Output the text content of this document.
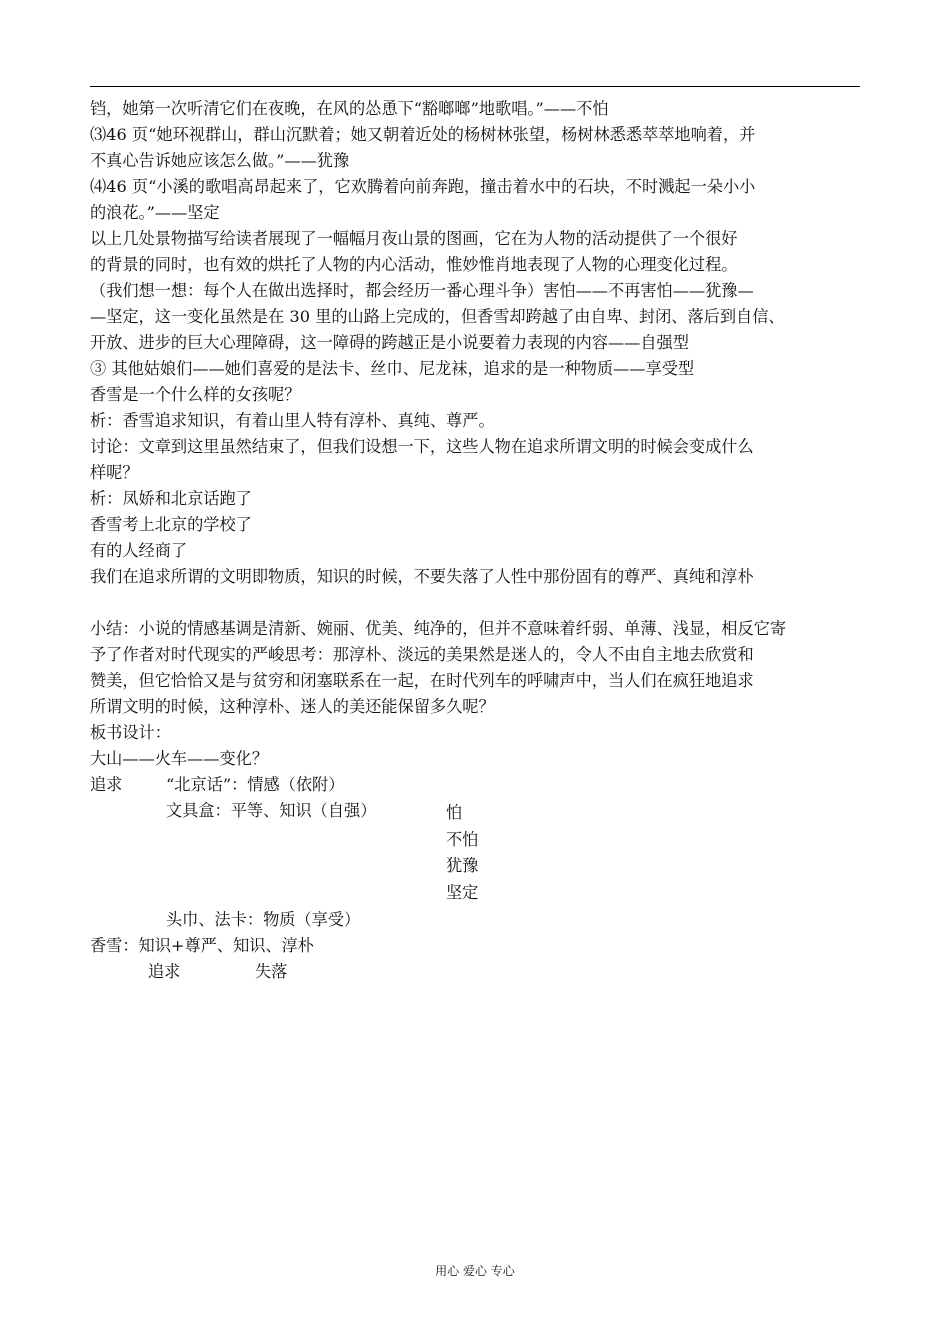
铛，她第一次听清它们在夜晚，在风的怂恿下“豁啷啷”地歌唱。”——不怕

⑶46 页“她环视群山，群山沉默着；她又朝着近处的杨树林张望，杨树林悉悉萃萃地响着，并

不真心告诉她应该怎么做。”——犹豫

⑷46 页“小溪的歌唱高昂起来了，它欢腾着向前奔跑，撞击着水中的石块，不时溅起一朵小小

的浪花。”——坚定

以上几处景物描写给读者展现了一幅幅月夜山景的图画，它在为人物的活动提供了一个很好

的背景的同时，也有效的烘托了人物的内心活动，惟妙惟肖地表现了人物的心理变化过程。

（我们想一想：每个人在做出选择时，都会经历一番心理斗争）害怕——不再害怕——犹豫—

—坚定，这一变化虽然是在 30 里的山路上完成的，但香雪却跨越了由自卑、封闭、落后到自信、

开放、进步的巨大心理障碍，这一障碍的跨越正是小说要着力表现的内容——自强型

③ 其他姑娘们——她们喜爱的是法卡、丝巾、尼龙袜，追求的是一种物质——享受型

香雪是一个什么样的女孩呢？

析：香雪追求知识，有着山里人特有淳朴、真纯、尊严。

讨论：文章到这里虽然结束了，但我们设想一下，这些人物在追求所谓文明的时候会变成什么

样呢？

析：凤娇和北京话跑了

香雪考上北京的学校了

有的人经商了

我们在追求所谓的文明即物质，知识的时候，不要失落了人性中那份固有的尊严、真纯和淳朴

小结：小说的情感基调是清新、婉丽、优美、纯净的，但并不意味着纤弱、单薄、浅显，相反它寄

予了作者对时代现实的严峻思考：那淳朴、淡远的美果然是迷人的，令人不由自主地去欣赏和

赞美，但它恰恰又是与贫穷和闭塞联系在一起，在时代列车的呼啸声中，当人们在疯狂地追求

所谓文明的时候，这种淳朴、迷人的美还能保留多久呢？

板书设计：

大山——火车——变化？

追求	“北京话”：情感（依附）

文具盒：平等、知识（自强）	怕

不怕

犹豫

坚定

头巾、法卡：物质（享受）

香雪：知识+尊严、知识、淳朴

追求	失落

用心 爱心 专心
